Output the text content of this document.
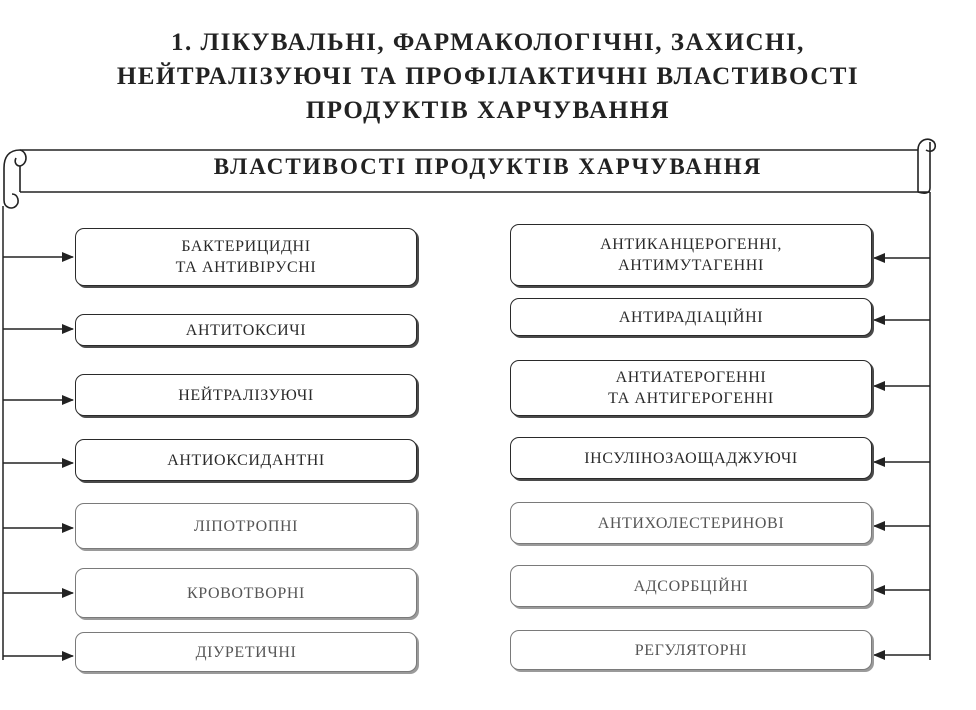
1. ЛІКУВАЛЬНІ, ФАРМАКОЛОГІЧНІ, ЗАХИСНІ,
НЕЙТРАЛІЗУЮЧІ ТА ПРОФІЛАКТИЧНІ ВЛАСТИВОСТІ
ПРОДУКТІВ ХАРЧУВАННЯ
ВЛАСТИВОСТІ ПРОДУКТІВ ХАРЧУВАННЯ
БАКТЕРИЦИДНІ
ТА АНТИВІРУСНІ
АНТИТОКСИЧІ
НЕЙТРАЛІЗУЮЧІ
АНТИОКСИДАНТНІ
ЛІПОТРОПНІ
КРОВОТВОРНІ
ДІУРЕТИЧНІ
АНТИКАНЦЕРОГЕННІ,
АНТИМУТАГЕННІ
АНТИРАДІАЦІЙНІ
АНТИАТЕРОГЕННІ
ТА АНТИГЕРОГЕННІ
ІНСУЛІНОЗАОЩАДЖУЮЧІ
АНТИХОЛЕСТЕРИНОВІ
АДСОРБЦІЙНІ
РЕГУЛЯТОРНІ
